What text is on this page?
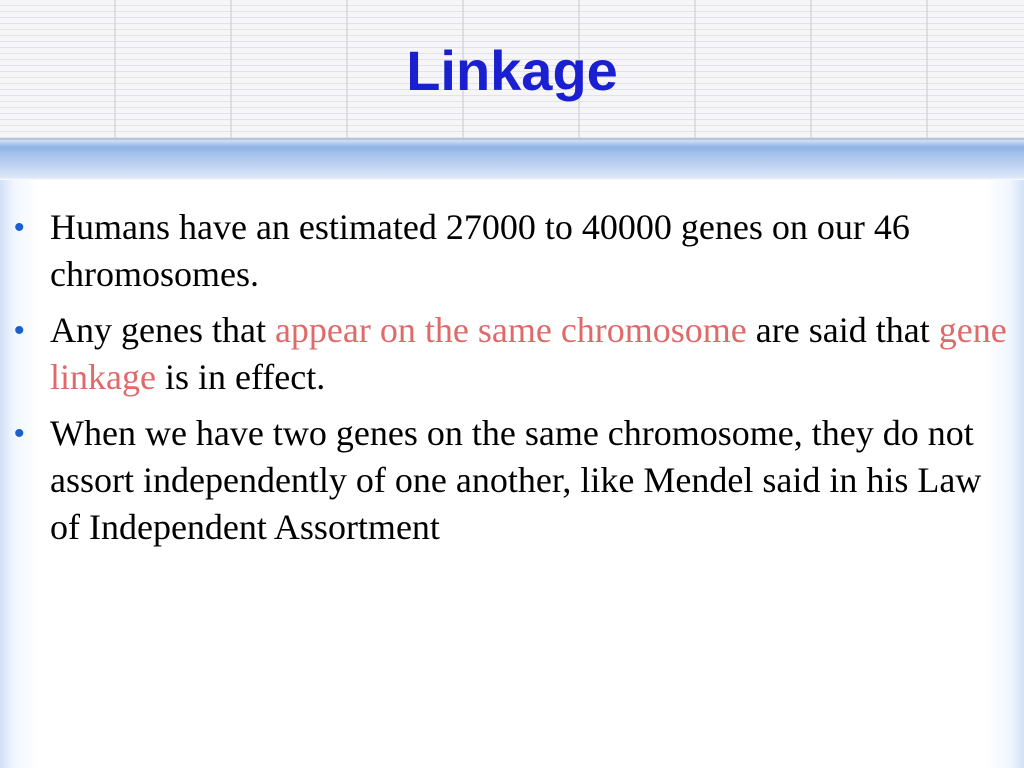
Linkage
• Humans have an estimated 27000 to 40000 genes on our 46 chromosomes.
• Any genes that appear on the same chromosome are said that gene linkage is in effect.
• When we have two genes on the same chromosome, they do not assort independently of one another, like Mendel said in his Law of Independent Assortment
